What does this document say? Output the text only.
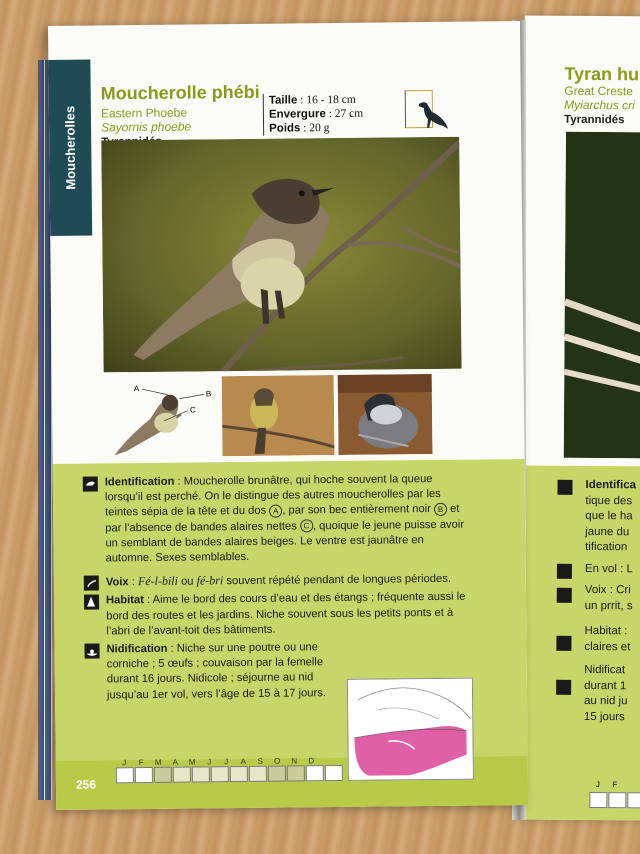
Tyran hu
Great Creste
Myiarchus cri
Tyrannidés
Identifica
tique des
que le ha
jaune du
tification
En vol : L
Voix : Cri
un prrit, s
Habitat :
claires et
Nidificat
durant 1
au nid ju
15 jours
J F
Moucherolles

Moucherolle phébi

Eastern Phoebe
Sayornis phoebe
Taille : 16 - 18 cm
Envergure : 27 cm
Poids : 20 g
A
B
C
Identification : Moucherolle brunâtre, qui hoche souvent la queue lorsqu’il est perché. On le distingue des autres moucherolles par les teintes sépia de la tête et du dos A , par son bec entièrement noir B et par l’absence de bandes alaires nettes C , quoique le jeune puisse avoir un semblant de bandes alaires beiges. Le ventre est jaunâtre en automne. Sexes semblables.
Voix : Fé-l-bili ou fé-bri souvent répété pendant de longues périodes.
Habitat : Aime le bord des cours d’eau et des étangs ; fréquente aussi le bord des routes et les jardins. Niche souvent sous les petits ponts et à l’abri de l’avant-toit des bâtiments.
Nidification : Niche sur une poutre ou une corniche ; 5 œufs ; couvaison par la femelle durant 16 jours. Nidicole ; séjourne au nid jusqu’au 1er vol, vers l’âge de 15 à 17 jours.
J	F	M	A	M	J	J	A	S	O	N	D
256
